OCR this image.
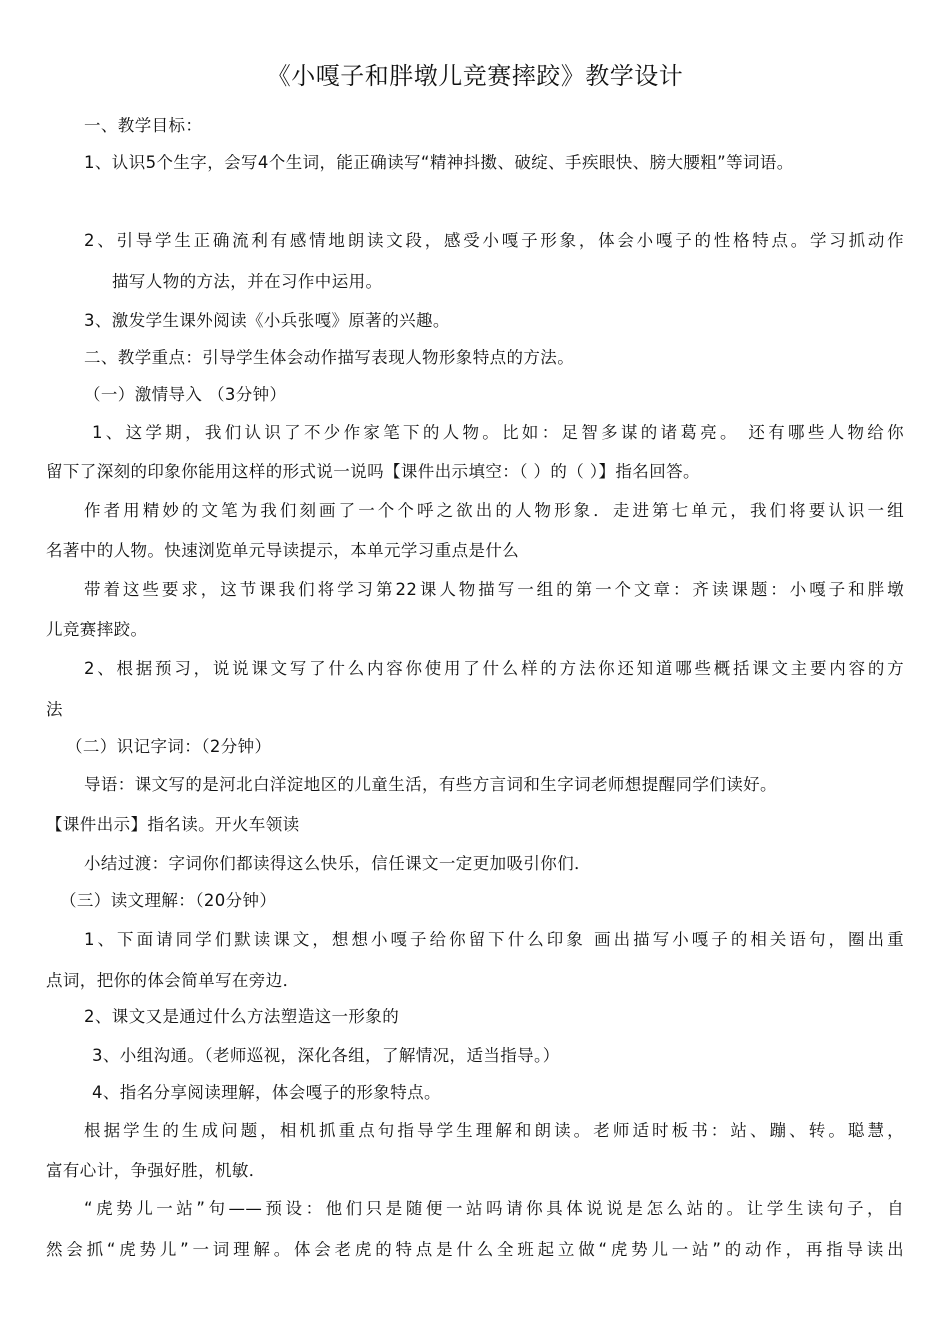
《小嘎子和胖墩儿竞赛摔跤》教学设计
一、教学目标：
1、认识5个生字，会写4个生词，能正确读写“精神抖擞、破绽、手疾眼快、膀大腰粗”等词语。
2、引导学生正确流利有感情地朗读文段，感受小嘎子形象，体会小嘎子的性格特点。学习抓动作
描写人物的方法，并在习作中运用。
3、激发学生课外阅读《小兵张嘎》原著的兴趣。
二、教学重点：引导学生体会动作描写表现人物形象特点的方法。
（一）激情导入 （3分钟）
1、这学期，我们认识了不少作家笔下的人物。比如：足智多谋的诸葛亮。 还有哪些人物给你
留下了深刻的印象你能用这样的形式说一说吗【课件出示填空：（ ）的（ ）】指名回答。
作者用精妙的文笔为我们刻画了一个个呼之欲出的人物形象．走进第七单元，我们将要认识一组
名著中的人物。快速浏览单元导读提示，本单元学习重点是什么
带着这些要求，这节课我们将学习第22课人物描写一组的第一个文章：齐读课题：小嘎子和胖墩
儿竞赛摔跤。
2、根据预习，说说课文写了什么内容你使用了什么样的方法你还知道哪些概括课文主要内容的方
法
（二）识记字词：（2分钟）
导语：课文写的是河北白洋淀地区的儿童生活，有些方言词和生字词老师想提醒同学们读好。
【课件出示】指名读。开火车领读
小结过渡：字词你们都读得这么快乐，信任课文一定更加吸引你们．
（三）读文理解：（20分钟）
1、下面请同学们默读课文，想想小嘎子给你留下什么印象 画出描写小嘎子的相关语句，圈出重
点词，把你的体会简单写在旁边．
2、课文又是通过什么方法塑造这一形象的
3、小组沟通。（老师巡视，深化各组，了解情况，适当指导。）
4、指名分享阅读理解，体会嘎子的形象特点。
根据学生的生成问题，相机抓重点句指导学生理解和朗读。老师适时板书：站、蹦、转。聪慧，
富有心计，争强好胜，机敏．
“虎势儿一站”句——预设：他们只是随便一站吗请你具体说说是怎么站的。让学生读句子，自
然会抓“虎势儿”一词理解。体会老虎的特点是什么全班起立做“虎势儿一站”的动作，再指导读出
